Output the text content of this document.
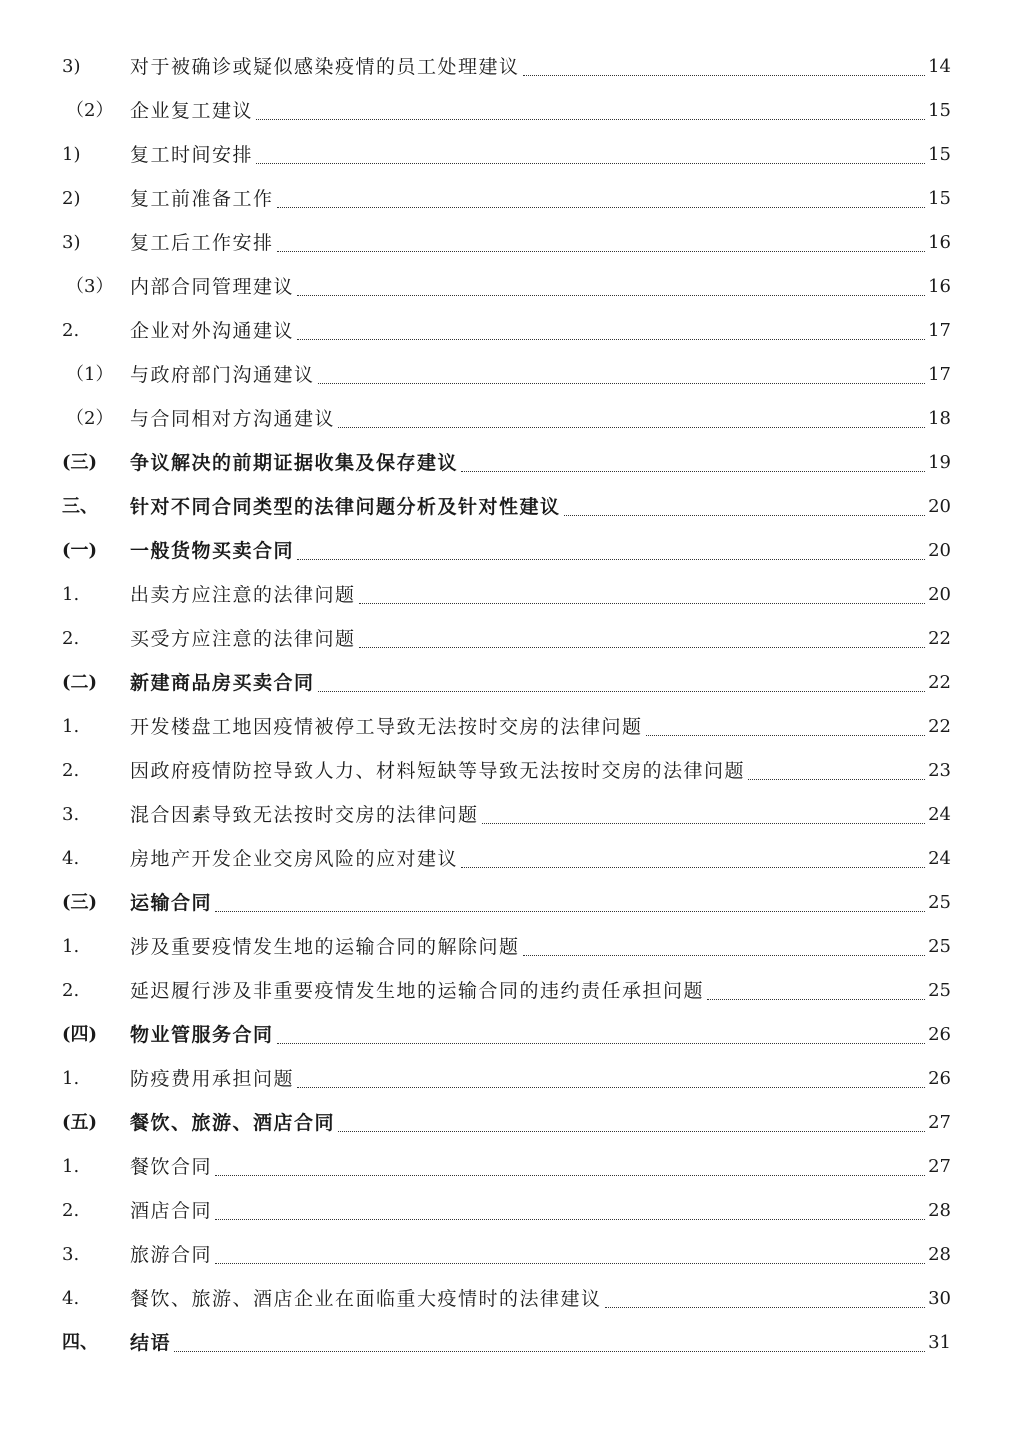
3)	对于被确诊或疑似感染疫情的员工处理建议	14
（2） 企业复工建议	15
1)	复工时间安排	15
2)	复工前准备工作	15
3)	复工后工作安排	16
（3） 内部合同管理建议	16
2.	企业对外沟通建议	17
（1） 与政府部门沟通建议	17
（2） 与合同相对方沟通建议	18
(三)	争议解决的前期证据收集及保存建议	19
三、	针对不同合同类型的法律问题分析及针对性建议	20
(一)	一般货物买卖合同	20
1.	出卖方应注意的法律问题	20
2.	买受方应注意的法律问题	22
(二)	新建商品房买卖合同	22
1.	开发楼盘工地因疫情被停工导致无法按时交房的法律问题	22
2.	因政府疫情防控导致人力、材料短缺等导致无法按时交房的法律问题	23
3.	混合因素导致无法按时交房的法律问题	24
4.	房地产开发企业交房风险的应对建议	24
(三)	运输合同	25
1.	涉及重要疫情发生地的运输合同的解除问题	25
2.	延迟履行涉及非重要疫情发生地的运输合同的违约责任承担问题	25
(四)	物业管服务合同	26
1.	防疫费用承担问题	26
(五)	餐饮、旅游、酒店合同	27
1.	餐饮合同	27
2.	酒店合同	28
3.	旅游合同	28
4.	餐饮、旅游、酒店企业在面临重大疫情时的法律建议	30
四、	结语	31
